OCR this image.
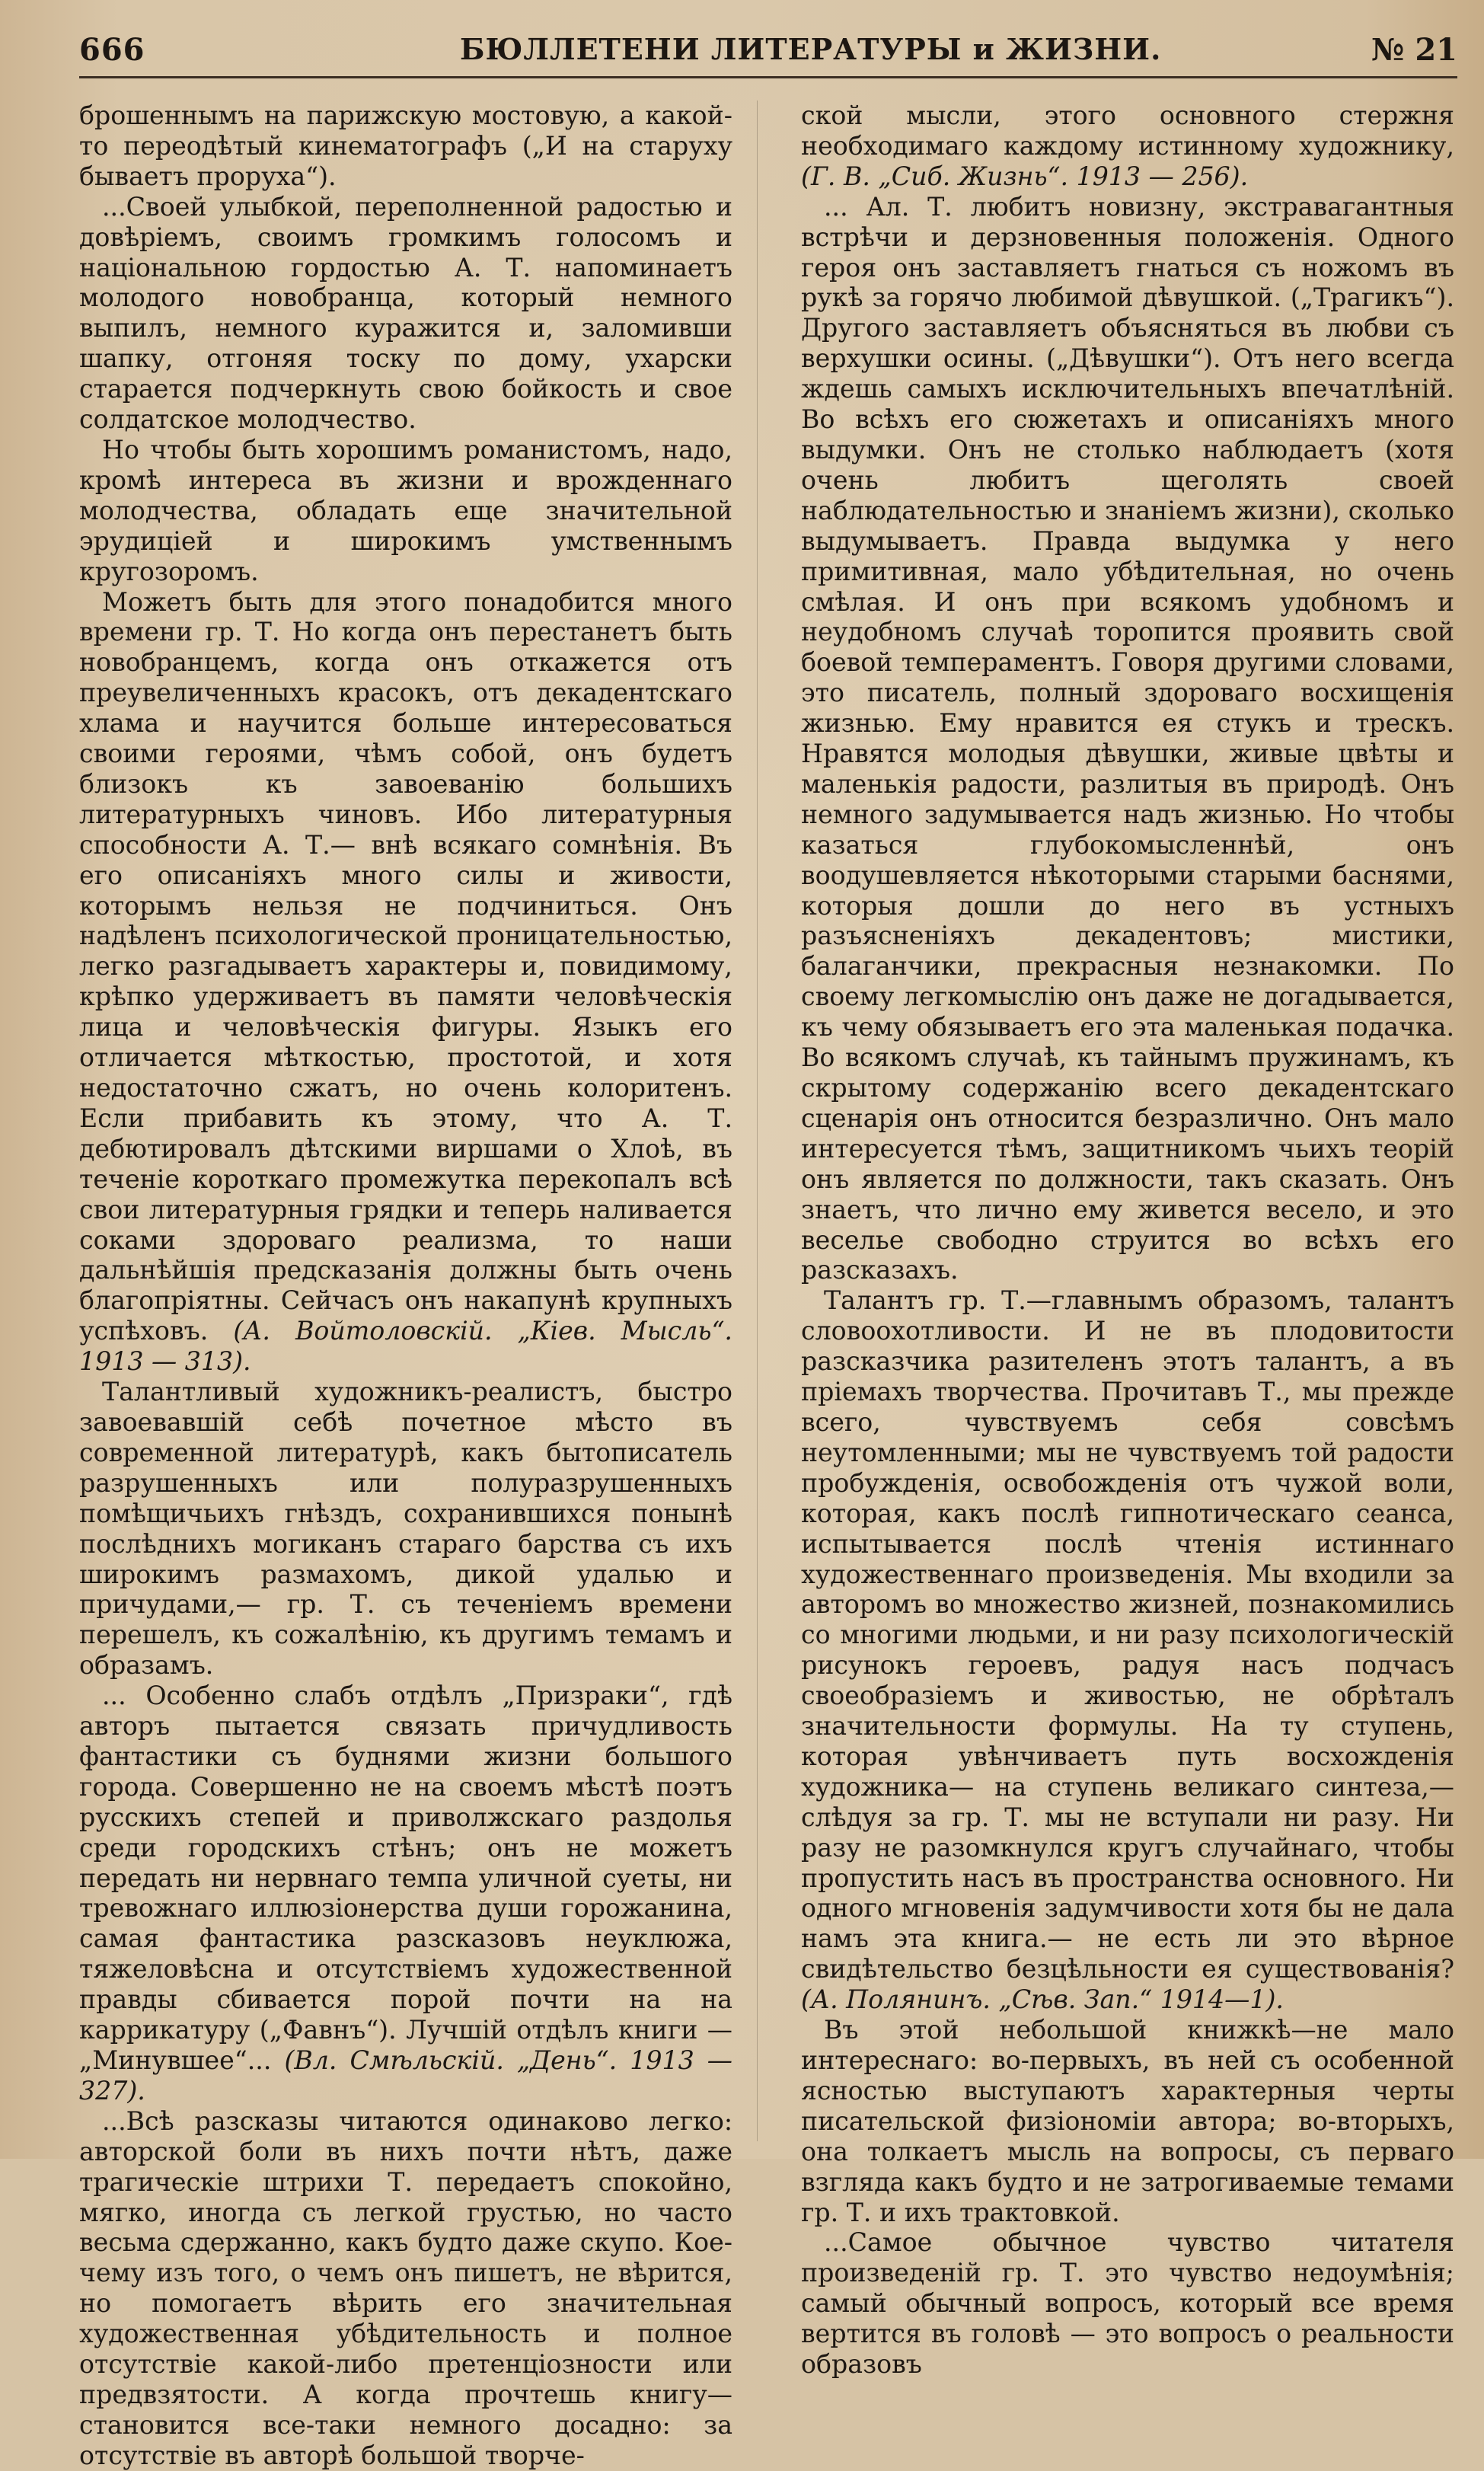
666	БЮЛЛЕТЕНИ ЛИТЕРАТУРЫ и ЖИЗНИ.	№ 21

брошеннымъ на парижскую мостовую, а какой-то переодѣтый кинематографъ („И на старуху бываетъ проруха“).

...Своей улыбкой, переполненной радостью и довѣріемъ, своимъ громкимъ голосомъ и національною гордостью А. Т. напоминаетъ молодого новобранца, который немного выпилъ, немного куражится и, заломивши шапку, отгоняя тоску по дому, ухарски старается подчеркнуть свою бойкость и свое солдатское молодчество.

Но чтобы быть хорошимъ романистомъ, надо, кромѣ интереса въ жизни и врожденнаго молодчества, обладать еще значительной эрудиціей и широкимъ умственнымъ кругозоромъ.

Можетъ быть для этого понадобится много времени гр. Т. Но когда онъ перестанетъ быть новобранцемъ, когда онъ откажется отъ преувеличенныхъ красокъ, отъ декадентскаго хлама и научится больше интересоваться своими героями, чѣмъ собой, онъ будетъ близокъ къ завоеванію большихъ литературныхъ чиновъ. Ибо литературныя способности А. Т.— внѣ всякаго сомнѣнія. Въ его описаніяхъ много силы и живости, которымъ нельзя не подчиниться. Онъ надѣленъ психологической проницательностью, легко разгадываетъ характеры и, повидимому, крѣпко удерживаетъ въ памяти человѣческія лица и человѣческія фигуры. Языкъ его отличается мѣткостью, простотой, и хотя недостаточно сжатъ, но очень колоритенъ. Если прибавить къ этому, что А. Т. дебютировалъ дѣтскими виршами о Хлоѣ, въ теченіе короткаго промежутка перекопалъ всѣ свои литературныя грядки и теперь наливается соками здороваго реализма, то наши дальнѣйшія предсказанія должны быть очень благопріятны. Сейчасъ онъ накапунѣ крупныхъ успѣховъ. (А. Войтоловскій. „Кiев. Мысль“. 1913 — 313).

Талантливый художникъ-реалистъ, быстро завоевавшій себѣ почетное мѣсто въ современной литературѣ, какъ бытописатель разрушенныхъ или полуразрушенныхъ помѣщичьихъ гнѣздъ, сохранившихся понынѣ послѣднихъ могиканъ стараго барства съ ихъ широкимъ размахомъ, дикой удалью и причудами,— гр. Т. съ теченіемъ времени перешелъ, къ сожалѣнію, къ другимъ темамъ и образамъ.

... Особенно слабъ отдѣлъ „Призраки“, гдѣ авторъ пытается связать причудливость фантастики съ буднями жизни большого города. Совершенно не на своемъ мѣстѣ поэтъ русскихъ степей и приволжскаго раздолья среди городскихъ стѣнъ; онъ не можетъ передать ни нервнаго темпа уличной суеты, ни тревожнаго иллюзіонерства души горожанина, самая фантастика разсказовъ неуклюжа, тяжеловѣсна и отсутствіемъ художественной правды сбивается порой почти на на каррикатуру („Фавнъ“). Лучшій отдѣлъ книги — „Минувшее“... (Вл. Смѣльскій. „День“. 1913 — 327).

...Всѣ разсказы читаются одинаково легко: авторской боли въ нихъ почти нѣтъ, даже трагическіе штрихи Т. передаетъ спокойно, мягко, иногда съ легкой грустью, но часто весьма сдержанно, какъ будто даже скупо. Кое-чему изъ того, о чемъ онъ пишетъ, не вѣрится, но помогаетъ вѣрить его значительная художественная убѣдительность и полное отсутствіе какой-либо претенціозности или предвзятости. А когда прочтешь книгу—становится все-таки немного досадно: за отсутствіе въ авторѣ большой творче-

ской мысли, этого основного стержня необходимаго каждому истинному художнику, (Г. В. „Сиб. Жизнь“. 1913 — 256).

... Ал. Т. любитъ новизну, экстравагантныя встрѣчи и дерзновенныя положенія. Одного героя онъ заставляетъ гнаться съ ножомъ въ рукѣ за горячо любимой дѣвушкой. („Трагикъ“). Другого заставляетъ объясняться въ любви съ верхушки осины. („Дѣвушки“). Отъ него всегда ждешь самыхъ исключительныхъ впечатлѣній. Во всѣхъ его сюжетахъ и описаніяхъ много выдумки. Онъ не столько наблюдаетъ (хотя очень любитъ щеголять своей наблюдательностью и знаніемъ жизни), сколько выдумываетъ. Правда выдумка у него примитивная, мало убѣдительная, но очень смѣлая. И онъ при всякомъ удобномъ и неудобномъ случаѣ торопится проявить свой боевой темпераментъ. Говоря другими словами, это писатель, полный здороваго восхищенія жизнью. Ему нравится ея стукъ и трескъ. Нравятся молодыя дѣвушки, живые цвѣты и маленькія радости, разлитыя въ природѣ. Онъ немного задумывается надъ жизнью. Но чтобы казаться глубокомысленнѣй, онъ воодушевляется нѣкоторыми старыми баснями, которыя дошли до него въ устныхъ разъясненіяхъ декадентовъ; мистики, балаганчики, прекрасныя незнакомки. По своему легкомыслію онъ даже не догадывается, къ чему обязываетъ его эта маленькая подачка. Во всякомъ случаѣ, къ тайнымъ пружинамъ, къ скрытому содержанію всего декадентскаго сценарія онъ относится безразлично. Онъ мало интересуется тѣмъ, защитникомъ чьихъ теорій онъ является по должности, такъ сказать. Онъ знаетъ, что лично ему живется весело, и это веселье свободно струится во всѣхъ его разсказахъ.

Талантъ гр. Т.—главнымъ образомъ, талантъ словоохотливости. И не въ плодовитости разсказчика разителенъ этотъ талантъ, а въ пріемахъ творчества. Прочитавъ Т., мы прежде всего, чувствуемъ себя совсѣмъ неутомленными; мы не чувствуемъ той радости пробужденія, освобожденія отъ чужой воли, которая, какъ послѣ гипнотическаго сеанса, испытывается послѣ чтенія истиннаго художественнаго произведенія. Мы входили за авторомъ во множество жизней, познакомились со многими людьми, и ни разу психологическій рисунокъ героевъ, радуя насъ подчасъ своеобразіемъ и живостью, не обрѣталъ значительности формулы. На ту ступень, которая увѣнчиваетъ путь восхожденія художника— на ступень великаго синтеза,—слѣдуя за гр. Т. мы не вступали ни разу. Ни разу не разомкнулся кругъ случайнаго, чтобы пропустить насъ въ пространства основного. Ни одного мгновенія задумчивости хотя бы не дала намъ эта книга.— не есть ли это вѣрное свидѣтельство безцѣльности ея существованія? (А. Полянинъ. „Сѣв. Зап.“ 1914—1).

Въ этой небольшой книжкѣ—не мало интереснаго: во-первыхъ, въ ней съ особенной ясностью выступаютъ характерныя черты писательской физіономіи автора; во-вторыхъ, она толкаетъ мысль на вопросы, съ перваго взгляда какъ будто и не затрогиваемые темами гр. Т. и ихъ трактовкой.

...Самое обычное чувство читателя произведеній гр. Т. это чувство недоумѣнія; самый обычный вопросъ, который все время вертится въ головѣ — это вопросъ о реальности образовъ
